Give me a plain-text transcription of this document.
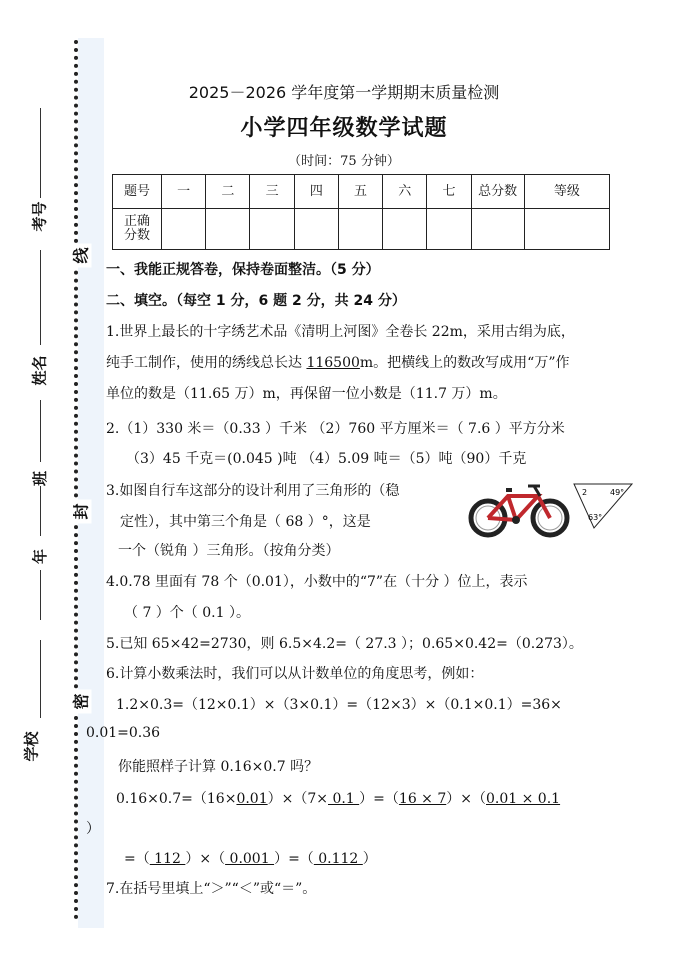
考号
姓名
班
年
学校
线
封
密
2025－2026 学年度第一学期期末质量检测
小学四年级数学试题
（时间：75 分钟）
题号	一	二	三	四	五	六	七	总分数	等级
正确分数									
一、我能正规答卷，保持卷面整洁。（5 分）
二、填空。（每空 1 分，6 题 2 分，共 24 分）
1.世界上最长的十字绣艺术品《清明上河图》全卷长 22m，采用古绢为底，
纯手工制作，使用的绣线总长达 116500m。把横线上的数改写成用“万”作
单位的数是（11.65 万）m，再保留一位小数是（11.7 万）m。
2.（1）330 米＝（0.33 ）千米 （2）760 平方厘米＝（ 7.6 ）平方分米
（3）45 千克＝(0.045 )吨 （4）5.09 吨＝（5）吨（90）千克
3.如图自行车这部分的设计利用了三角形的（稳
定性），其中第三个角是（ 68 ）°，这是
一个（锐角 ）三角形。（按角分类）
2	49°
63°
4.0.78 里面有 78 个（0.01），小数中的“7”在（十分 ）位上，表示
（ 7 ）个（ 0.1 ）。
5.已知 65×42=2730，则 6.5×4.2=（ 27.3 ）；0.65×0.42=（0.273）。
6.计算小数乘法时，我们可以从计数单位的角度思考，例如：
1.2×0.3=（12×0.1）×（3×0.1）=（12×3）×（0.1×0.1）=36×
0.01=0.36
你能照样子计算 0.16×0.7 吗？
0.16×0.7=（16×0.01）×（7× 0.1 ）=（16 × 7）×（0.01 × 0.1
）
=（ 112 ）×（ 0.001 ）=（ 0.112 ）
7.在括号里填上“＞”“＜”或“＝”。
